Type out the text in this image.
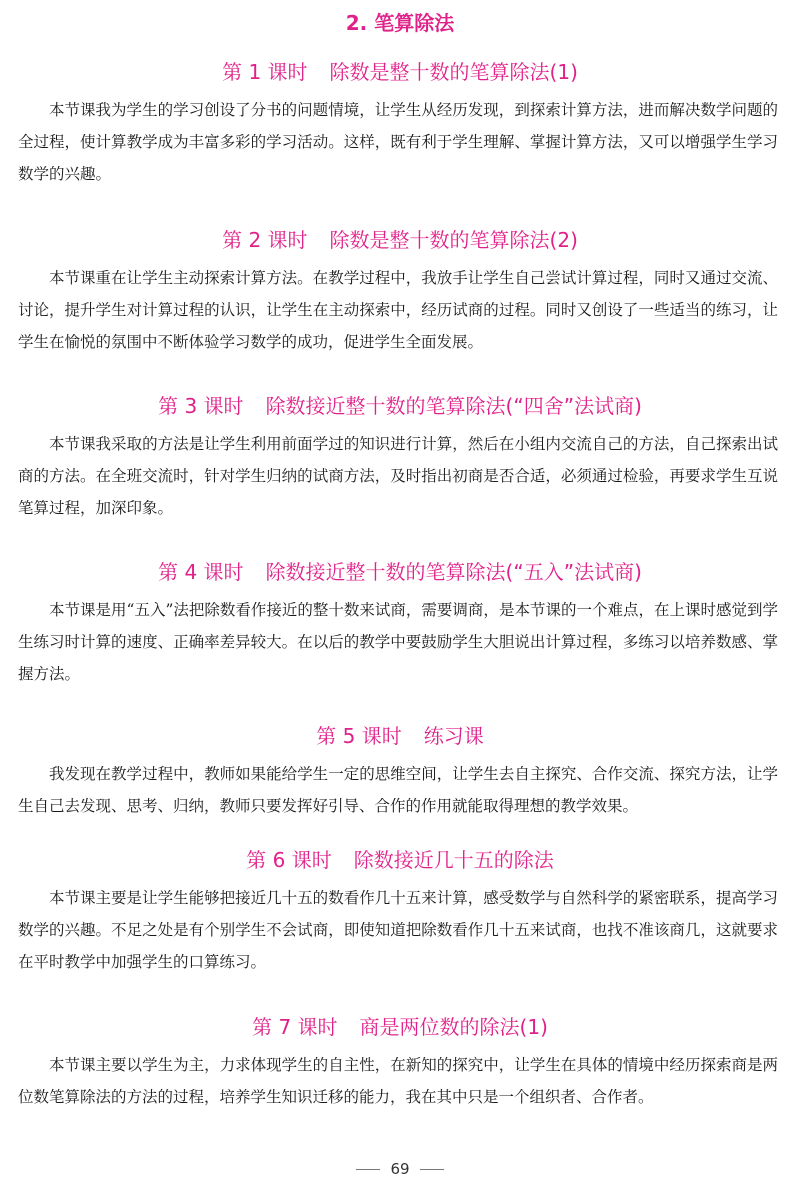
2. 笔算除法
第 1 课时 除数是整十数的笔算除法(1)

本节课我为学生的学习创设了分书的问题情境，让学生从经历发现，到探索计算方法，进而解决数学问题的全过程，使计算教学成为丰富多彩的学习活动。这样，既有利于学生理解、掌握计算方法，又可以增强学生学习数学的兴趣。

第 2 课时 除数是整十数的笔算除法(2)

本节课重在让学生主动探索计算方法。在教学过程中，我放手让学生自己尝试计算过程，同时又通过交流、讨论，提升学生对计算过程的认识，让学生在主动探索中，经历试商的过程。同时又创设了一些适当的练习，让学生在愉悦的氛围中不断体验学习数学的成功，促进学生全面发展。

第 3 课时 除数接近整十数的笔算除法(“四舍”法试商)

本节课我采取的方法是让学生利用前面学过的知识进行计算，然后在小组内交流自己的方法，自己探索出试商的方法。在全班交流时，针对学生归纳的试商方法，及时指出初商是否合适，必须通过检验，再要求学生互说笔算过程，加深印象。

第 4 课时 除数接近整十数的笔算除法(“五入”法试商)

本节课是用“五入”法把除数看作接近的整十数来试商，需要调商，是本节课的一个难点，在上课时感觉到学生练习时计算的速度、正确率差异较大。在以后的教学中要鼓励学生大胆说出计算过程，多练习以培养数感、掌握方法。

第 5 课时 练习课

我发现在教学过程中，教师如果能给学生一定的思维空间，让学生去自主探究、合作交流、探究方法，让学生自己去发现、思考、归纳，教师只要发挥好引导、合作的作用就能取得理想的教学效果。

第 6 课时 除数接近几十五的除法

本节课主要是让学生能够把接近几十五的数看作几十五来计算，感受数学与自然科学的紧密联系，提高学习数学的兴趣。不足之处是有个别学生不会试商，即使知道把除数看作几十五来试商，也找不准该商几，这就要求在平时教学中加强学生的口算练习。

第 7 课时 商是两位数的除法(1)

本节课主要以学生为主，力求体现学生的自主性，在新知的探究中，让学生在具体的情境中经历探索商是两位数笔算除法的方法的过程，培养学生知识迁移的能力，我在其中只是一个组织者、合作者。

69
